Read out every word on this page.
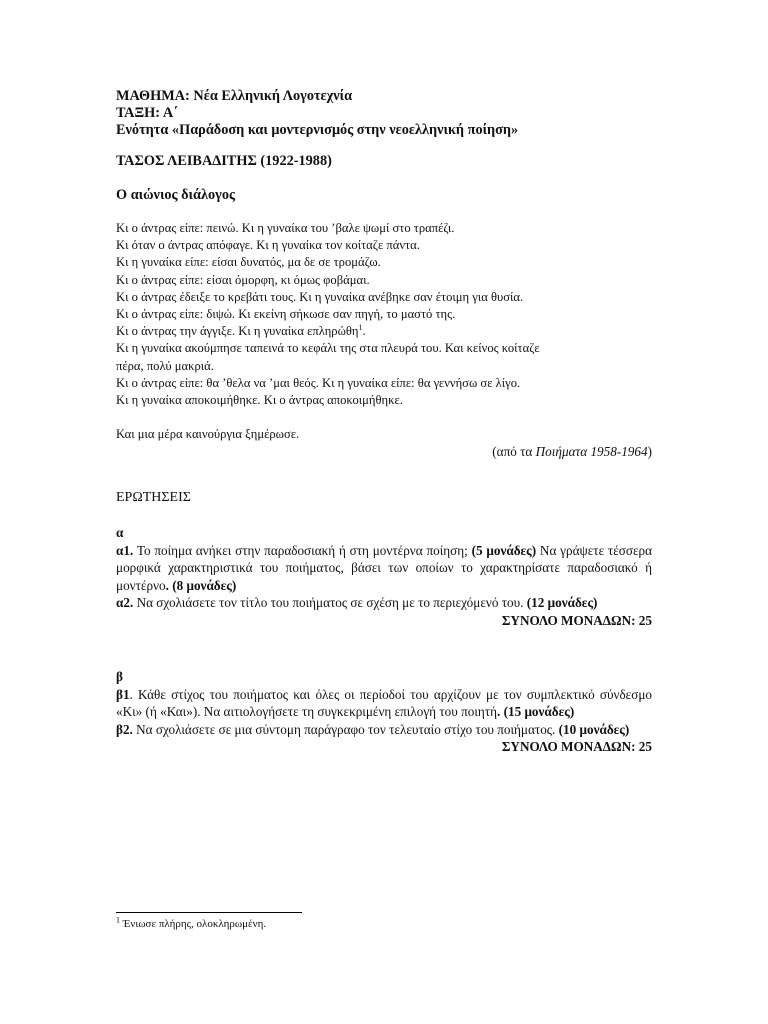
ΜΑΘΗΜΑ: Νέα Ελληνική Λογοτεχνία

ΤΑΞΗ: Α΄

Ενότητα «Παράδοση και μοντερνισμός στην νεοελληνική ποίηση»

ΤΑΣΟΣ ΛΕΙΒΑΔΙΤΗΣ (1922-1988)

Ο αιώνιος διάλογος

Κι ο άντρας είπε: πεινώ. Κι η γυναίκα του ’βαλε ψωμί στο τραπέζι.

Κι όταν ο άντρας απόφαγε. Κι η γυναίκα τον κοίταζε πάντα.

Κι η γυναίκα είπε: είσαι δυνατός, μα δε σε τρομάζω.

Κι ο άντρας είπε: είσαι όμορφη, κι όμως φοβάμαι.

Κι ο άντρας έδειξε το κρεβάτι τους. Κι η γυναίκα ανέβηκε σαν έτοιμη για θυσία.

Κι ο άντρας είπε: διψώ. Κι εκείνη σήκωσε σαν πηγή, το μαστό της.

Κι ο άντρας την άγγιξε. Κι η γυναίκα επληρώθη$^1$.

Κι η γυναίκα ακούμπησε ταπεινά το κεφάλι της στα πλευρά του. Και κείνος κοίταζε

πέρα, πολύ μακριά.

Κι ο άντρας είπε: θα ’θελα να ’μαι θεός. Κι η γυναίκα είπε: θα γεννήσω σε λίγο.

Κι η γυναίκα αποκοιμήθηκε. Κι ο άντρας αποκοιμήθηκε.

Και μια μέρα καινούργια ξημέρωσε.

(από τα Ποιήματα 1958-1964)

ΕΡΩΤΗΣΕΙΣ

α

α1. Το ποίημα ανήκει στην παραδοσιακή ή στη μοντέρνα ποίηση; (5 μονάδες) Να γράψετε τέσσερα μορφικά χαρακτηριστικά του ποιήματος, βάσει των οποίων το χαρακτηρίσατε παραδοσιακό ή μοντέρνο. (8 μονάδες)

α2. Να σχολιάσετε τον τίτλο του ποιήματος σε σχέση με το περιεχόμενό του. (12 μονάδες)

ΣΥΝΟΛΟ ΜΟΝΑΔΩΝ: 25

β

β1. Κάθε στίχος του ποιήματος και όλες οι περίοδοί του αρχίζουν με τον συμπλεκτικό σύνδεσμο «Κι» (ή «Και»). Να αιτιολογήσετε τη συγκεκριμένη επιλογή του ποιητή. (15 μονάδες)

β2. Να σχολιάσετε σε μια σύντομη παράγραφο τον τελευταίο στίχο του ποιήματος. (10 μονάδες)

ΣΥΝΟΛΟ ΜΟΝΑΔΩΝ: 25

$^1$ Ένιωσε πλήρης, ολοκληρωμένη.
